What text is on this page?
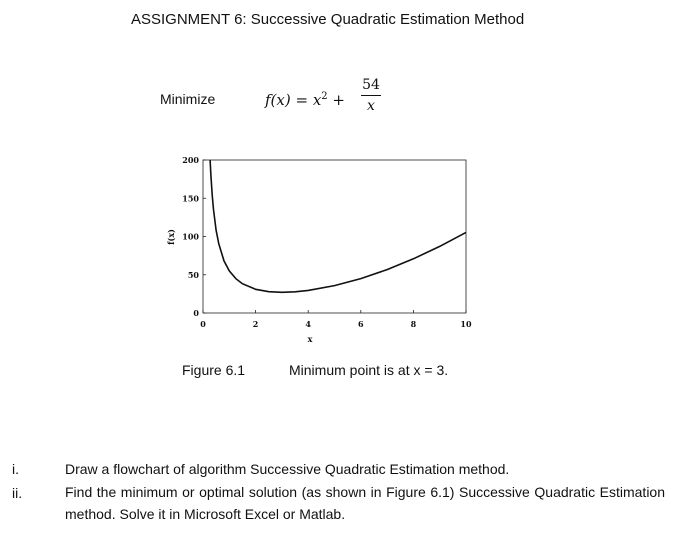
ASSIGNMENT 6: Successive Quadratic Estimation Method
Minimize	$f(x) = x^2$ +
54
x
0	2	4	6	8	10
0
50
100
150
200
x
f(x)
Figure 6.1	Minimum point is at x = 3.
i.	Draw a flowchart of algorithm Successive Quadratic Estimation method.
ii.	Find the minimum or optimal solution (as shown in Figure 6.1) Successive Quadratic Estimation method. Solve it in Microsoft Excel or Matlab.
